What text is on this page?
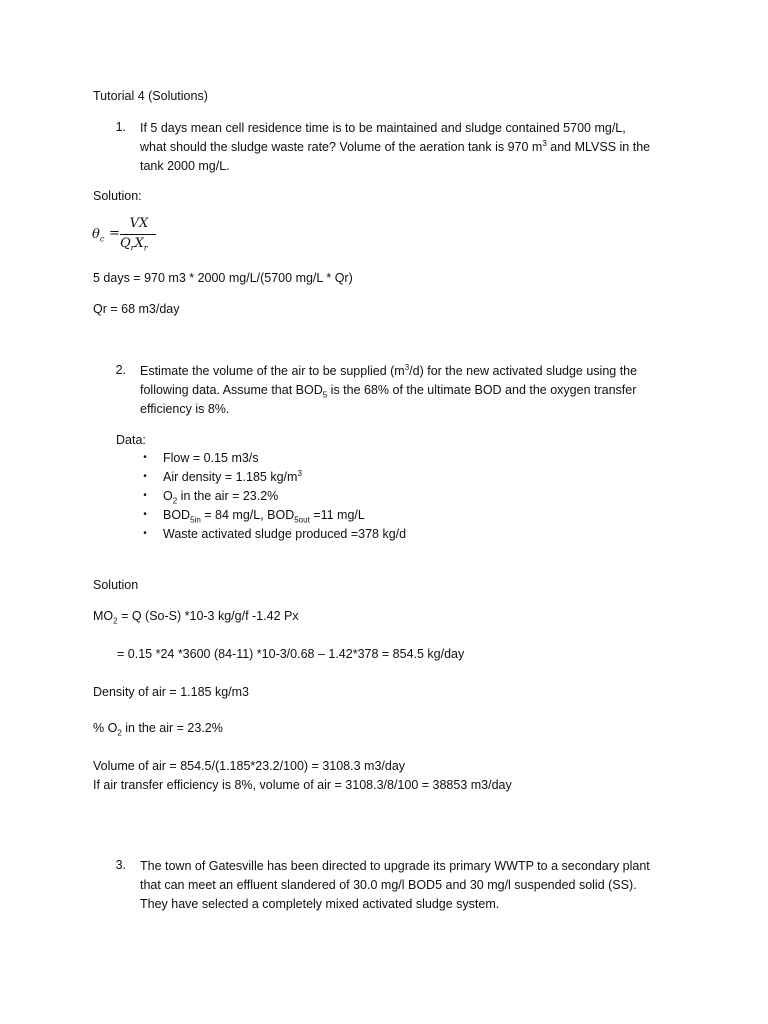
Tutorial 4 (Solutions)
1. If 5 days mean cell residence time is to be maintained and sludge contained 5700 mg/L,
what should the sludge waste rate? Volume of the aeration tank is 970 $m^3$ and MLVSS in the
tank 2000 mg/L.
Solution:
$\theta_c$ =
VX
$Q_rX_r$
5 days = 970 m3 * 2000 mg/L/(5700 mg/L * Qr)
Qr = 68 m3/day
2. Estimate the volume of the air to be supplied $(m^3/d)$ for the new activated sludge using the
following data. Assume that $BOD_5$ is the 68% of the ultimate BOD and the oxygen transfer
efficiency is 8%.
Data:
• Flow = 0.15 m3/s
• Air density = 1.185 $kg/m^3$
• $O_2$ in the air = 23.2%
• $BOD_{5in} = 84$ mg/L, $BOD_{5out} =11$ mg/L
• Waste activated sludge produced =378 kg/d
Solution
$MO_2 = Q$ (So-S) *10-3 kg/g/f -1.42 Px
= 0.15 *24 *3600 (84-11) *10-3/0.68 – 1.42*378 = 854.5 kg/day
Density of air = 1.185 kg/m3
% $O_2$ in the air = 23.2%
Volume of air = 854.5/(1.185*23.2/100) = 3108.3 m3/day
If air transfer efficiency is 8%, volume of air = 3108.3/8/100 = 38853 m3/day
3. The town of Gatesville has been directed to upgrade its primary WWTP to a secondary plant
that can meet an effluent slandered of 30.0 mg/l BOD5 and 30 mg/l suspended solid (SS).
They have selected a completely mixed activated sludge system.
